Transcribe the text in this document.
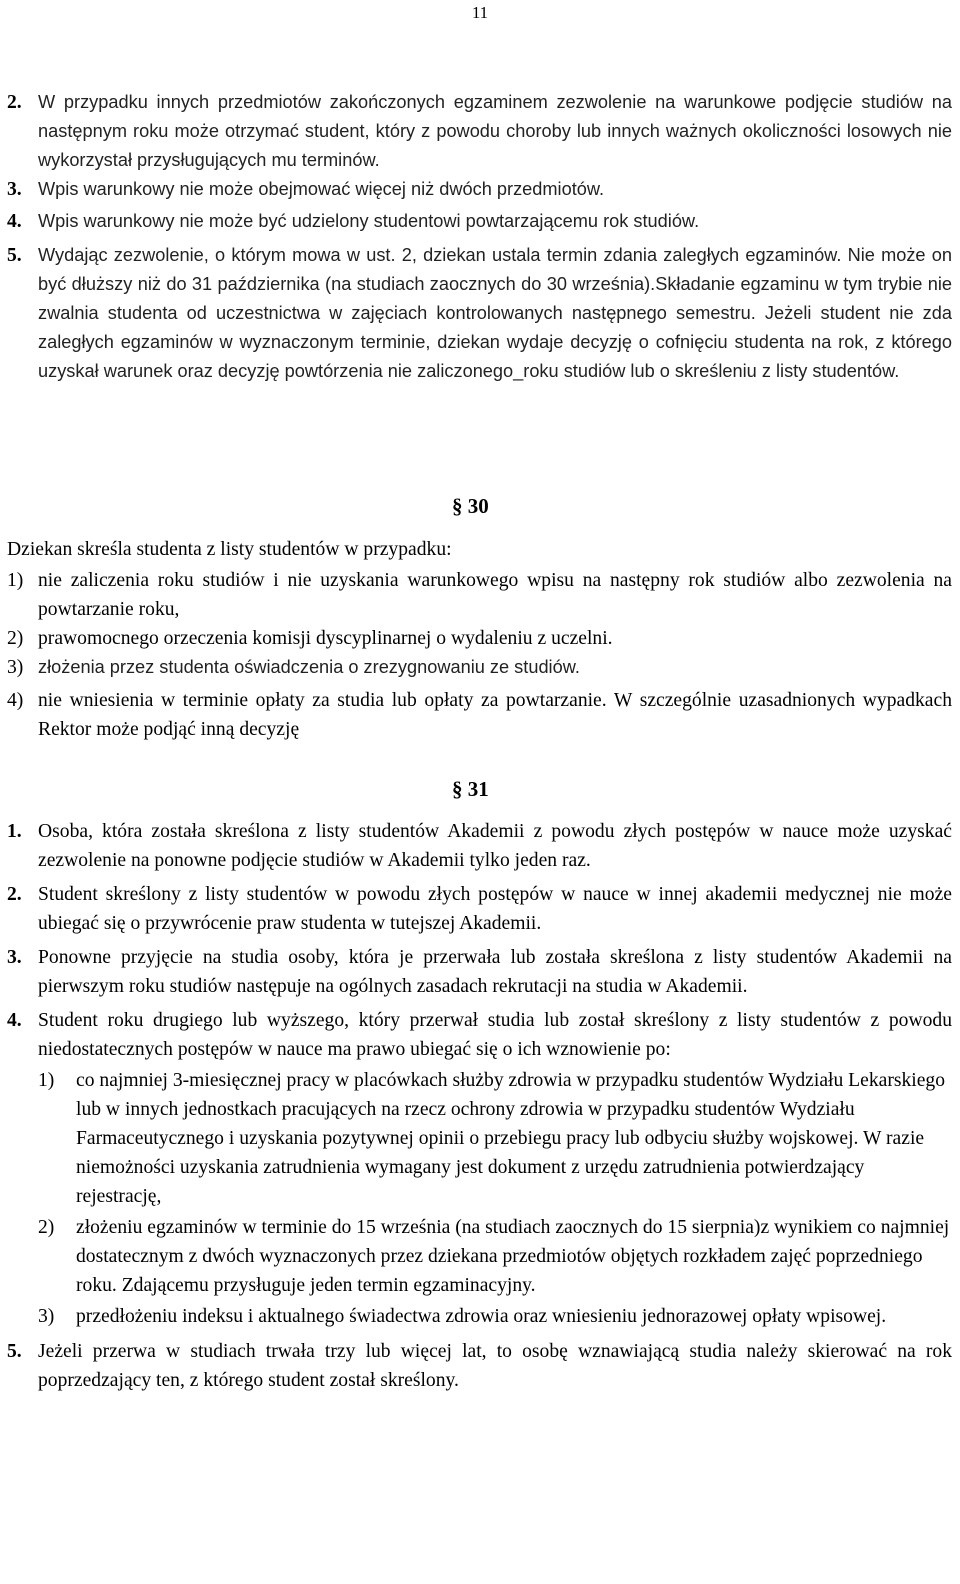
11
2. W przypadku innych przedmiotów zakończonych egzaminem zezwolenie na warunkowe podjęcie studiów na następnym roku może otrzymać student, który z powodu choroby lub innych ważnych okoliczności losowych nie wykorzystał przysługujących mu terminów.
3. Wpis warunkowy nie może obejmować więcej niż dwóch przedmiotów.
4. Wpis warunkowy nie może być udzielony studentowi powtarzającemu rok studiów.
5. Wydając zezwolenie, o którym mowa w ust. 2, dziekan ustala termin zdania zaległych egzaminów. Nie może on być dłuższy niż do 31 października (na studiach zaocznych do 30 września).Składanie egzaminu w tym trybie nie zwalnia studenta od uczestnictwa w zajęciach kontrolowanych następnego semestru. Jeżeli student nie zda zaległych egzaminów w wyznaczonym terminie, dziekan wydaje decyzję o cofnięciu studenta na rok, z którego uzyskał warunek oraz decyzję powtórzenia nie zaliczonego_roku studiów lub o skreśleniu z listy studentów.
§ 30
Dziekan skreśla studenta z listy studentów w przypadku:
1) nie zaliczenia roku studiów i nie uzyskania warunkowego wpisu na następny rok studiów albo zezwolenia na powtarzanie roku,
2) prawomocnego orzeczenia komisji dyscyplinarnej o wydaleniu z uczelni.
3) złożenia przez studenta oświadczenia o zrezygnowaniu ze studiów.
4) nie wniesienia w terminie opłaty za studia lub opłaty za powtarzanie. W szczególnie uzasadnionych wypadkach Rektor może podjąć inną decyzję
§ 31
1. Osoba, która została skreślona z listy studentów Akademii z powodu złych postępów w nauce może uzyskać zezwolenie na ponowne podjęcie studiów w Akademii tylko jeden raz.
2. Student skreślony z listy studentów w powodu złych postępów w nauce w innej akademii medycznej nie może ubiegać się o przywrócenie praw studenta w tutejszej Akademii.
3. Ponowne przyjęcie na studia osoby, która je przerwała lub została skreślona z listy studentów Akademii na pierwszym roku studiów następuje na ogólnych zasadach rekrutacji na studia w Akademii.
4. Student roku drugiego lub wyższego, który przerwał studia lub został skreślony z listy studentów z powodu niedostatecznych postępów w nauce ma prawo ubiegać się o ich wznowienie po:
1) co najmniej 3-miesięcznej pracy w placówkach służby zdrowia w przypadku studentów Wydziału Lekarskiego lub w innych jednostkach pracujących na rzecz ochrony zdrowia w przypadku studentów Wydziału Farmaceutycznego i uzyskania pozytywnej opinii o przebiegu pracy lub odbyciu służby wojskowej. W razie niemożności uzyskania zatrudnienia wymagany jest dokument z urzędu zatrudnienia potwierdzający rejestrację,
2) złożeniu egzaminów w terminie do 15 września (na studiach zaocznych do 15 sierpnia)z wynikiem co najmniej dostatecznym z dwóch wyznaczonych przez dziekana przedmiotów objętych rozkładem zajęć poprzedniego roku. Zdającemu przysługuje jeden termin egzaminacyjny.
3) przedłożeniu indeksu i aktualnego świadectwa zdrowia oraz wniesieniu jednorazowej opłaty wpisowej.
5. Jeżeli przerwa w studiach trwała trzy lub więcej lat, to osobę wznawiającą studia należy skierować na rok poprzedzający ten, z którego student został skreślony.
